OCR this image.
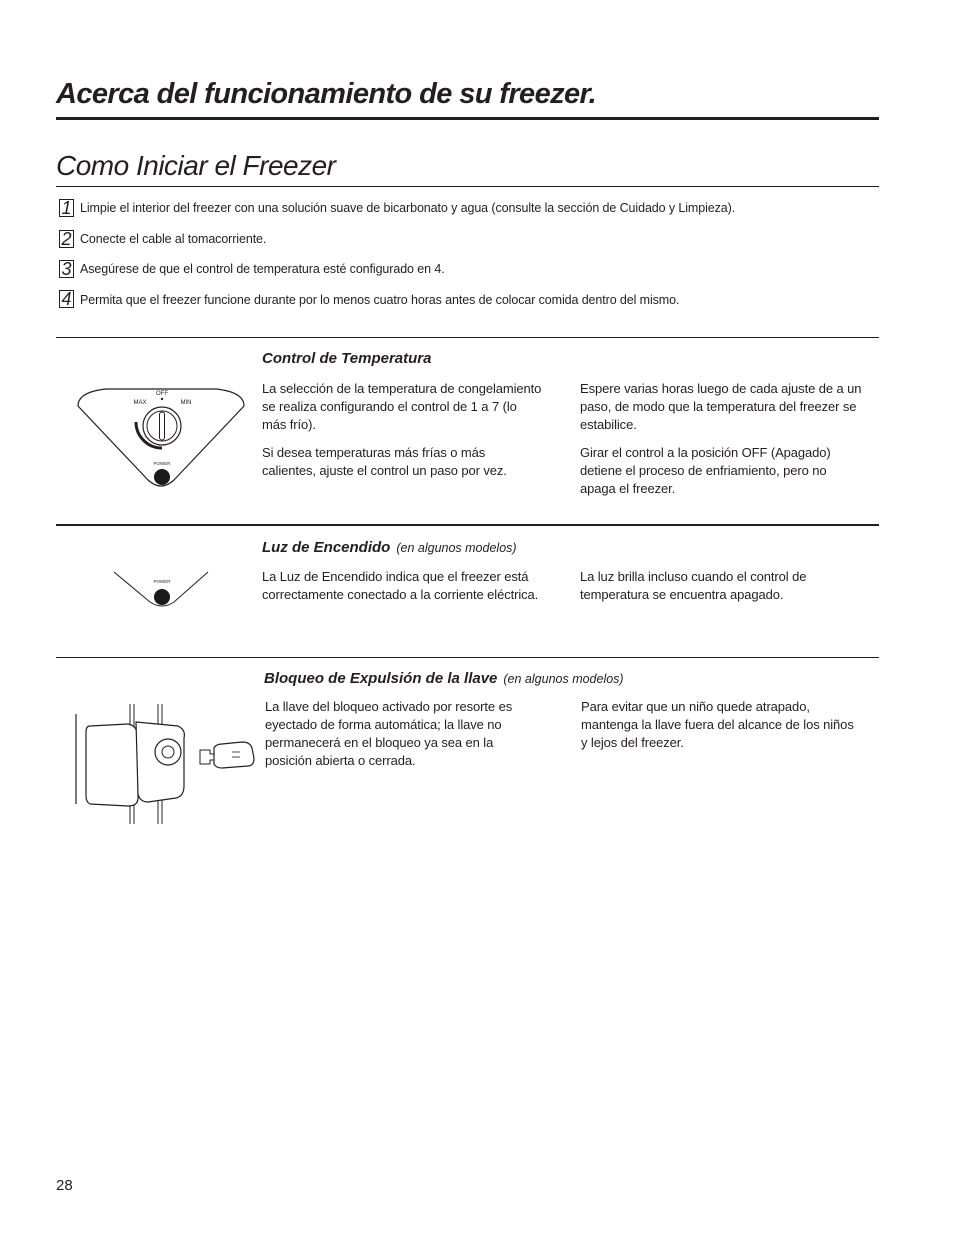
Acerca del funcionamiento de su freezer.
Como Iniciar el Freezer
1 Limpie el interior del freezer con una solución suave de bicarbonato y agua (consulte la sección de Cuidado y Limpieza).
2 Conecte el cable al tomacorriente.
3 Asegúrese de que el control de temperatura esté configurado en 4.
4 Permita que el freezer funcione durante por lo menos cuatro horas antes de colocar comida dentro del mismo.
OFF
MAX	MIN
POWER
Control de Temperatura

La selección de la temperatura de congelamiento se realiza configurando el control de 1 a 7 (lo más frío).

Si desea temperaturas más frías o más calientes, ajuste el control un paso por vez.

Espere varias horas luego de cada ajuste de a un paso, de modo que la temperatura del freezer se estabilice.

Girar el control a la posición OFF (Apagado) detiene el proceso de enfriamiento, pero no apaga el freezer.

POWER
Luz de Encendido (en algunos modelos)

La Luz de Encendido indica que el freezer está correctamente conectado a la corriente eléctrica.

La luz brilla incluso cuando el control de temperatura se encuentra apagado.

Bloqueo de Expulsión de la llave (en algunos modelos)

La llave del bloqueo activado por resorte es eyectado de forma automática; la llave no permanecerá en el bloqueo ya sea en la posición abierta o cerrada.

Para evitar que un niño quede atrapado, mantenga la llave fuera del alcance de los niños y lejos del freezer.

28
